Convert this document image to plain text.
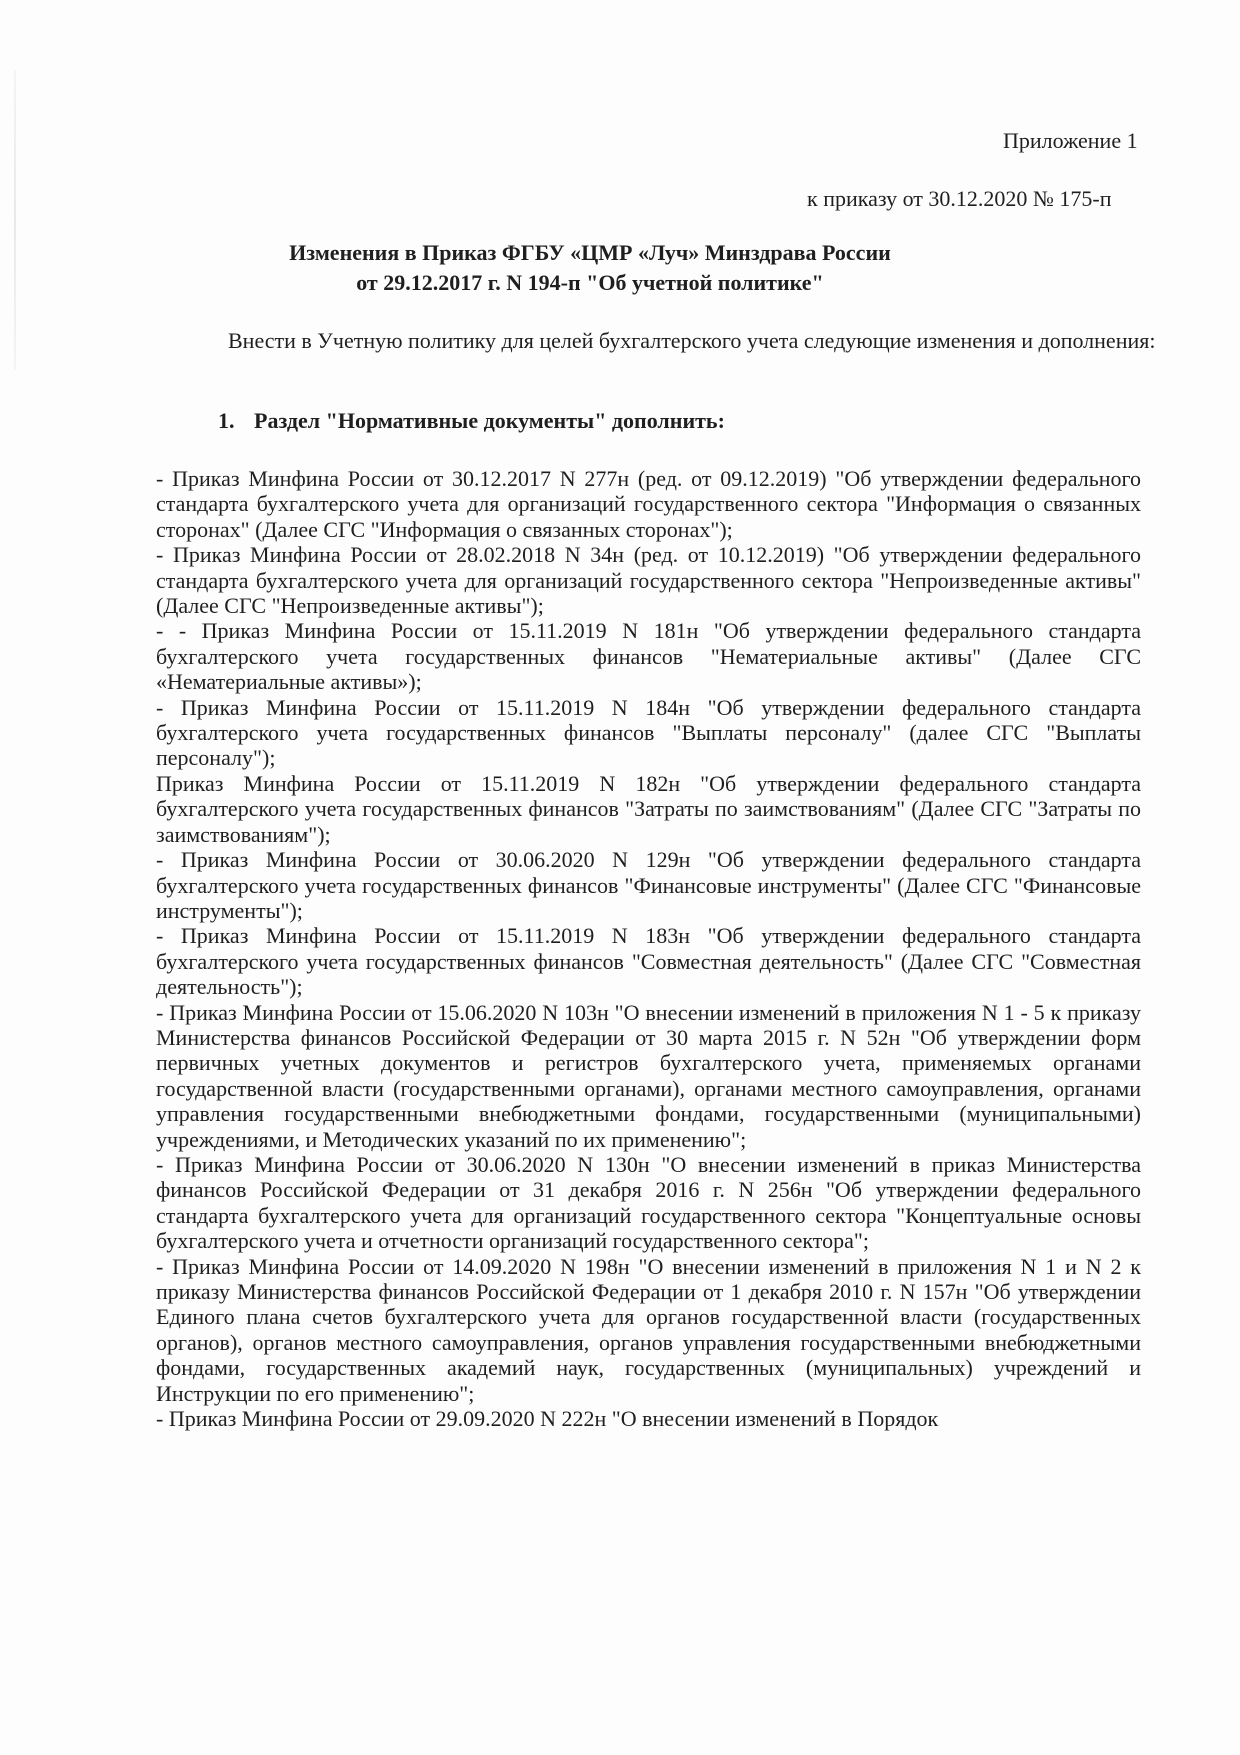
Приложение 1
к приказу от 30.12.2020 № 175-п
Изменения в Приказ ФГБУ «ЦМР «Луч» Минздрава России
от 29.12.2017 г. N 194-п "Об учетной политике"
Внести в Учетную политику для целей бухгалтерского учета следующие изменения и дополнения:
1. Раздел "Нормативные документы" дополнить:

- Приказ Минфина России от 30.12.2017 N 277н (ред. от 09.12.2019) "Об утверждении федерального стандарта бухгалтерского учета для организаций государственного сектора "Информация о связанных сторонах" (Далее СГС "Информация о связанных сторонах");

- Приказ Минфина России от 28.02.2018 N 34н (ред. от 10.12.2019) "Об утверждении федерального стандарта бухгалтерского учета для организаций государственного сектора "Непроизведенные активы" (Далее СГС "Непроизведенные активы");

- - Приказ Минфина России от 15.11.2019 N 181н "Об утверждении федерального стандарта бухгалтерского учета государственных финансов "Нематериальные активы" (Далее СГС «Нематериальные активы»);

- Приказ Минфина России от 15.11.2019 N 184н "Об утверждении федерального стандарта бухгалтерского учета государственных финансов "Выплаты персоналу" (далее СГС "Выплаты персоналу");

Приказ Минфина России от 15.11.2019 N 182н "Об утверждении федерального стандарта бухгалтерского учета государственных финансов "Затраты по заимствованиям" (Далее СГС "Затраты по заимствованиям");

- Приказ Минфина России от 30.06.2020 N 129н "Об утверждении федерального стандарта бухгалтерского учета государственных финансов "Финансовые инструменты" (Далее СГС "Финансовые инструменты");

- Приказ Минфина России от 15.11.2019 N 183н "Об утверждении федерального стандарта бухгалтерского учета государственных финансов "Совместная деятельность" (Далее СГС "Совместная деятельность");

- Приказ Минфина России от 15.06.2020 N 103н "О внесении изменений в приложения N 1 - 5 к приказу Министерства финансов Российской Федерации от 30 марта 2015 г. N 52н "Об утверждении форм первичных учетных документов и регистров бухгалтерского учета, применяемых органами государственной власти (государственными органами), органами местного самоуправления, органами управления государственными внебюджетными фондами, государственными (муниципальными) учреждениями, и Методических указаний по их применению";

- Приказ Минфина России от 30.06.2020 N 130н "О внесении изменений в приказ Министерства финансов Российской Федерации от 31 декабря 2016 г. N 256н "Об утверждении федерального стандарта бухгалтерского учета для организаций государственного сектора "Концептуальные основы бухгалтерского учета и отчетности организаций государственного сектора";

- Приказ Минфина России от 14.09.2020 N 198н "О внесении изменений в приложения N 1 и N 2 к приказу Министерства финансов Российской Федерации от 1 декабря 2010 г. N 157н "Об утверждении Единого плана счетов бухгалтерского учета для органов государственной власти (государственных органов), органов местного самоуправления, органов управления государственными внебюджетными фондами, государственных академий наук, государственных (муниципальных) учреждений и Инструкции по его применению";

- Приказ Минфина России от 29.09.2020 N 222н "О внесении изменений в Порядок
